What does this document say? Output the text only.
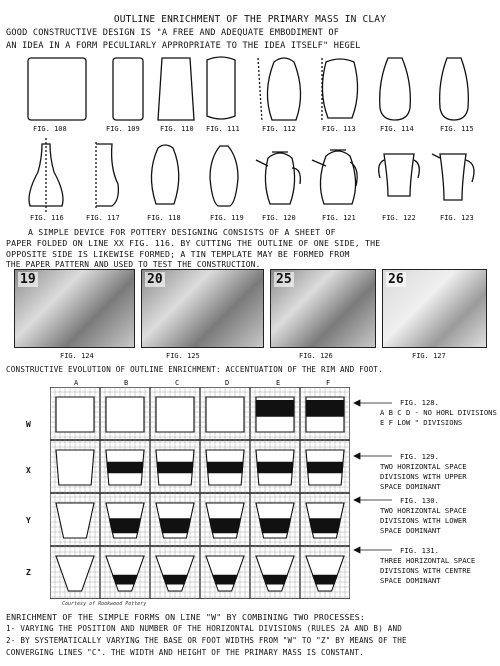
OUTLINE ENRICHMENT OF THE PRIMARY MASS IN CLAY
GOOD CONSTRUCTIVE DESIGN IS "A FREE AND ADEQUATE EMBODIMENT OF
AN IDEA IN A FORM PECULIARLY APPROPRIATE TO THE IDEA ITSELF" HEGEL
FIG. 108	FIG. 109	FIG. 110 FIG. 111	FIG. 112	FIG. 113	FIG. 114	FIG. 115
FIG. 116	FIG. 117	FIG. 118	FIG. 119	FIG. 120	FIG. 121	FIG. 122	FIG. 123
A SIMPLE DEVICE FOR POTTERY DESIGNING CONSISTS OF A SHEET OF
PAPER FOLDED ON LINE XX FIG. 116. BY CUTTING THE OUTLINE OF ONE SIDE, THE
OPPOSITE SIDE IS LIKEWISE FORMED; A TIN TEMPLATE MAY BE FORMED FROM
THE PAPER PATTERN AND USED TO TEST THE CONSTRUCTION.
19	20	25	26
FIG. 124	FIG. 125	FIG. 126	FIG. 127
CONSTRUCTIVE EVOLUTION OF OUTLINE ENRICHMENT: ACCENTUATION OF THE RIM AND FOOT.
A	B	C	D	E	F
W
X
Y
Z
FIG. 128.
A B C D - NO HORL DIVISIONS
E F LOW " DIVISIONS
FIG. 129.
TWO HORIZONTAL SPACE
DIVISIONS WITH UPPER
SPACE DOMINANT
FIG. 130.
TWO HORIZONTAL SPACE
DIVISIONS WITH LOWER
SPACE DOMINANT
FIG. 131.
THREE HORIZONTAL SPACE
DIVISIONS WITH CENTRE
SPACE DOMINANT
Courtesy of Rookwood Pottery
ENRICHMENT OF THE SIMPLE FORMS ON LINE "W" BY COMBINING TWO PROCESSES:
1- VARYING THE POSITION AND NUMBER OF THE HORIZONTAL DIVISIONS (RULES 2A AND B) AND
2- BY SYSTEMATICALLY VARYING THE BASE OR FOOT WIDTHS FROM "W" TO "Z" BY MEANS OF THE
CONVERGING LINES "C". THE WIDTH AND HEIGHT OF THE PRIMARY MASS IS CONSTANT.
